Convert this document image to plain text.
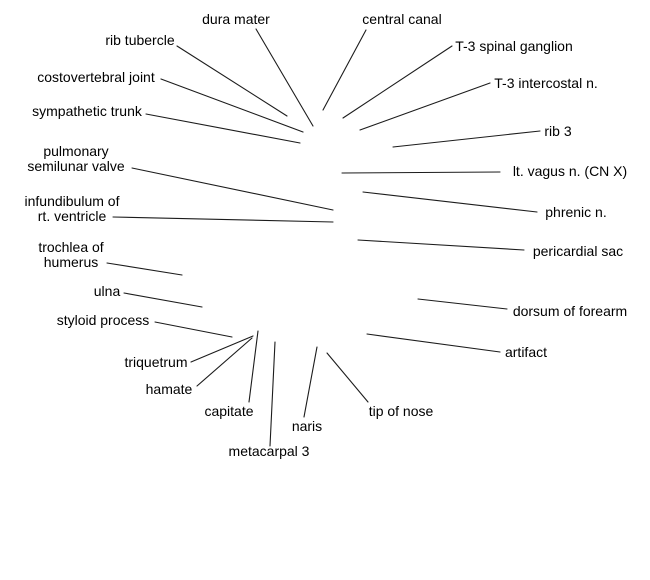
dura mater	central canal
rib tubercle	T-3 spinal ganglion
costovertebral joint	T-3 intercostal n.
sympathetic trunk
rib 3
pulmonary semilunar valve	lt. vagus n. (CN X)
infundibulum of rt. ventricle	phrenic n.
trochlea of humerus
pericardial sac
ulna
dorsum of forearm
styloid process
artifact
triquetrum
hamate
capitate
naris
tip of nose
metacarpal 3
